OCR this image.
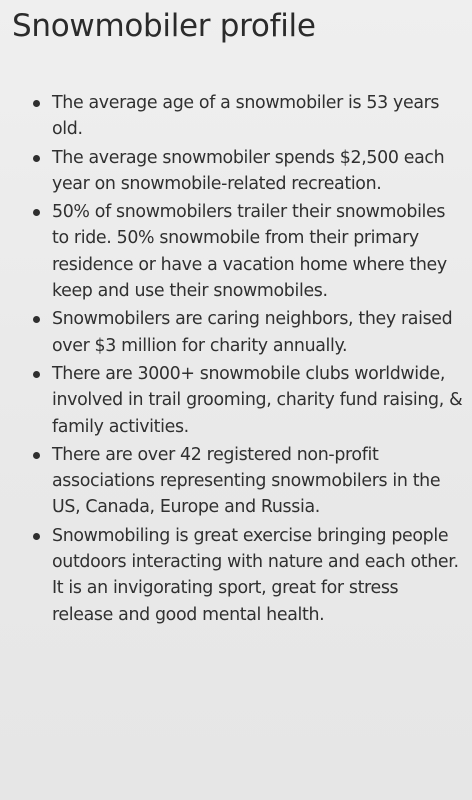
Snowmobiler profile
The average age of a snowmobiler is 53 years old.
The average snowmobiler spends $2,500 each year on snowmobile-related recreation.
50% of snowmobilers trailer their snowmobiles to ride. 50% snowmobile from their primary residence or have a vacation home where they keep and use their snowmobiles.
Snowmobilers are caring neighbors, they raised over $3 million for charity annually.
There are 3000+ snowmobile clubs worldwide, involved in trail grooming, charity fund raising, & family activities.
There are over 42 registered non-profit associations representing snowmobilers in the US, Canada, Europe and Russia.
Snowmobiling is great exercise bringing people outdoors interacting with nature and each other. It is an invigorating sport, great for stress release and good mental health.
